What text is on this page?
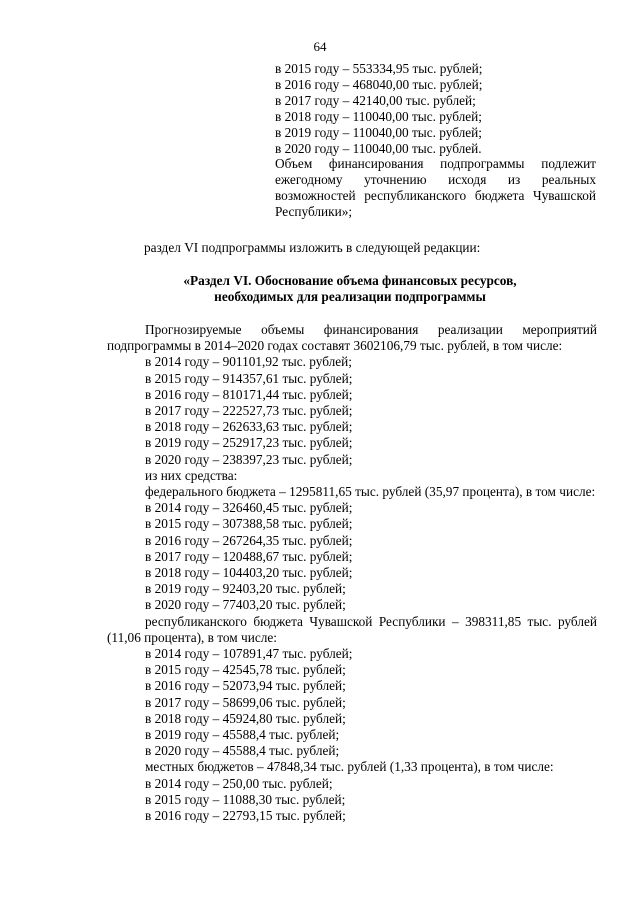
64
в 2015 году – 553334,95 тыс. рублей;
в 2016 году – 468040,00 тыс. рублей;
в 2017 году – 42140,00 тыс. рублей;
в 2018 году – 110040,00 тыс. рублей;
в 2019 году – 110040,00 тыс. рублей;
в 2020 году – 110040,00 тыс. рублей.
Объем финансирования подпрограммы подлежит ежегодному уточнению исходя из реальных возможностей республиканского бюджета Чувашской Республики»;
раздел VI подпрограммы изложить в следующей редакции:
«Раздел VI. Обоснование объема финансовых ресурсов,
необходимых для реализации подпрограммы
Прогнозируемые объемы финансирования реализации мероприятий подпрограммы в 2014–2020 годах составят 3602106,79 тыс. рублей, в том числе:
в 2014 году – 901101,92 тыс. рублей;
в 2015 году – 914357,61 тыс. рублей;
в 2016 году – 810171,44 тыс. рублей;
в 2017 году – 222527,73 тыс. рублей;
в 2018 году – 262633,63 тыс. рублей;
в 2019 году – 252917,23 тыс. рублей;
в 2020 году – 238397,23 тыс. рублей;
из них средства:
федерального бюджета – 1295811,65 тыс. рублей (35,97 процента), в том числе:
в 2014 году – 326460,45 тыс. рублей;
в 2015 году – 307388,58 тыс. рублей;
в 2016 году – 267264,35 тыс. рублей;
в 2017 году – 120488,67 тыс. рублей;
в 2018 году – 104403,20 тыс. рублей;
в 2019 году – 92403,20 тыс. рублей;
в 2020 году – 77403,20 тыс. рублей;
республиканского бюджета Чувашской Республики – 398311,85 тыс. рублей (11,06 процента), в том числе:
в 2014 году – 107891,47 тыс. рублей;
в 2015 году – 42545,78 тыс. рублей;
в 2016 году – 52073,94 тыс. рублей;
в 2017 году – 58699,06 тыс. рублей;
в 2018 году – 45924,80 тыс. рублей;
в 2019 году – 45588,4 тыс. рублей;
в 2020 году – 45588,4 тыс. рублей;
местных бюджетов – 47848,34 тыс. рублей (1,33 процента), в том числе:
в 2014 году – 250,00 тыс. рублей;
в 2015 году – 11088,30 тыс. рублей;
в 2016 году – 22793,15 тыс. рублей;
